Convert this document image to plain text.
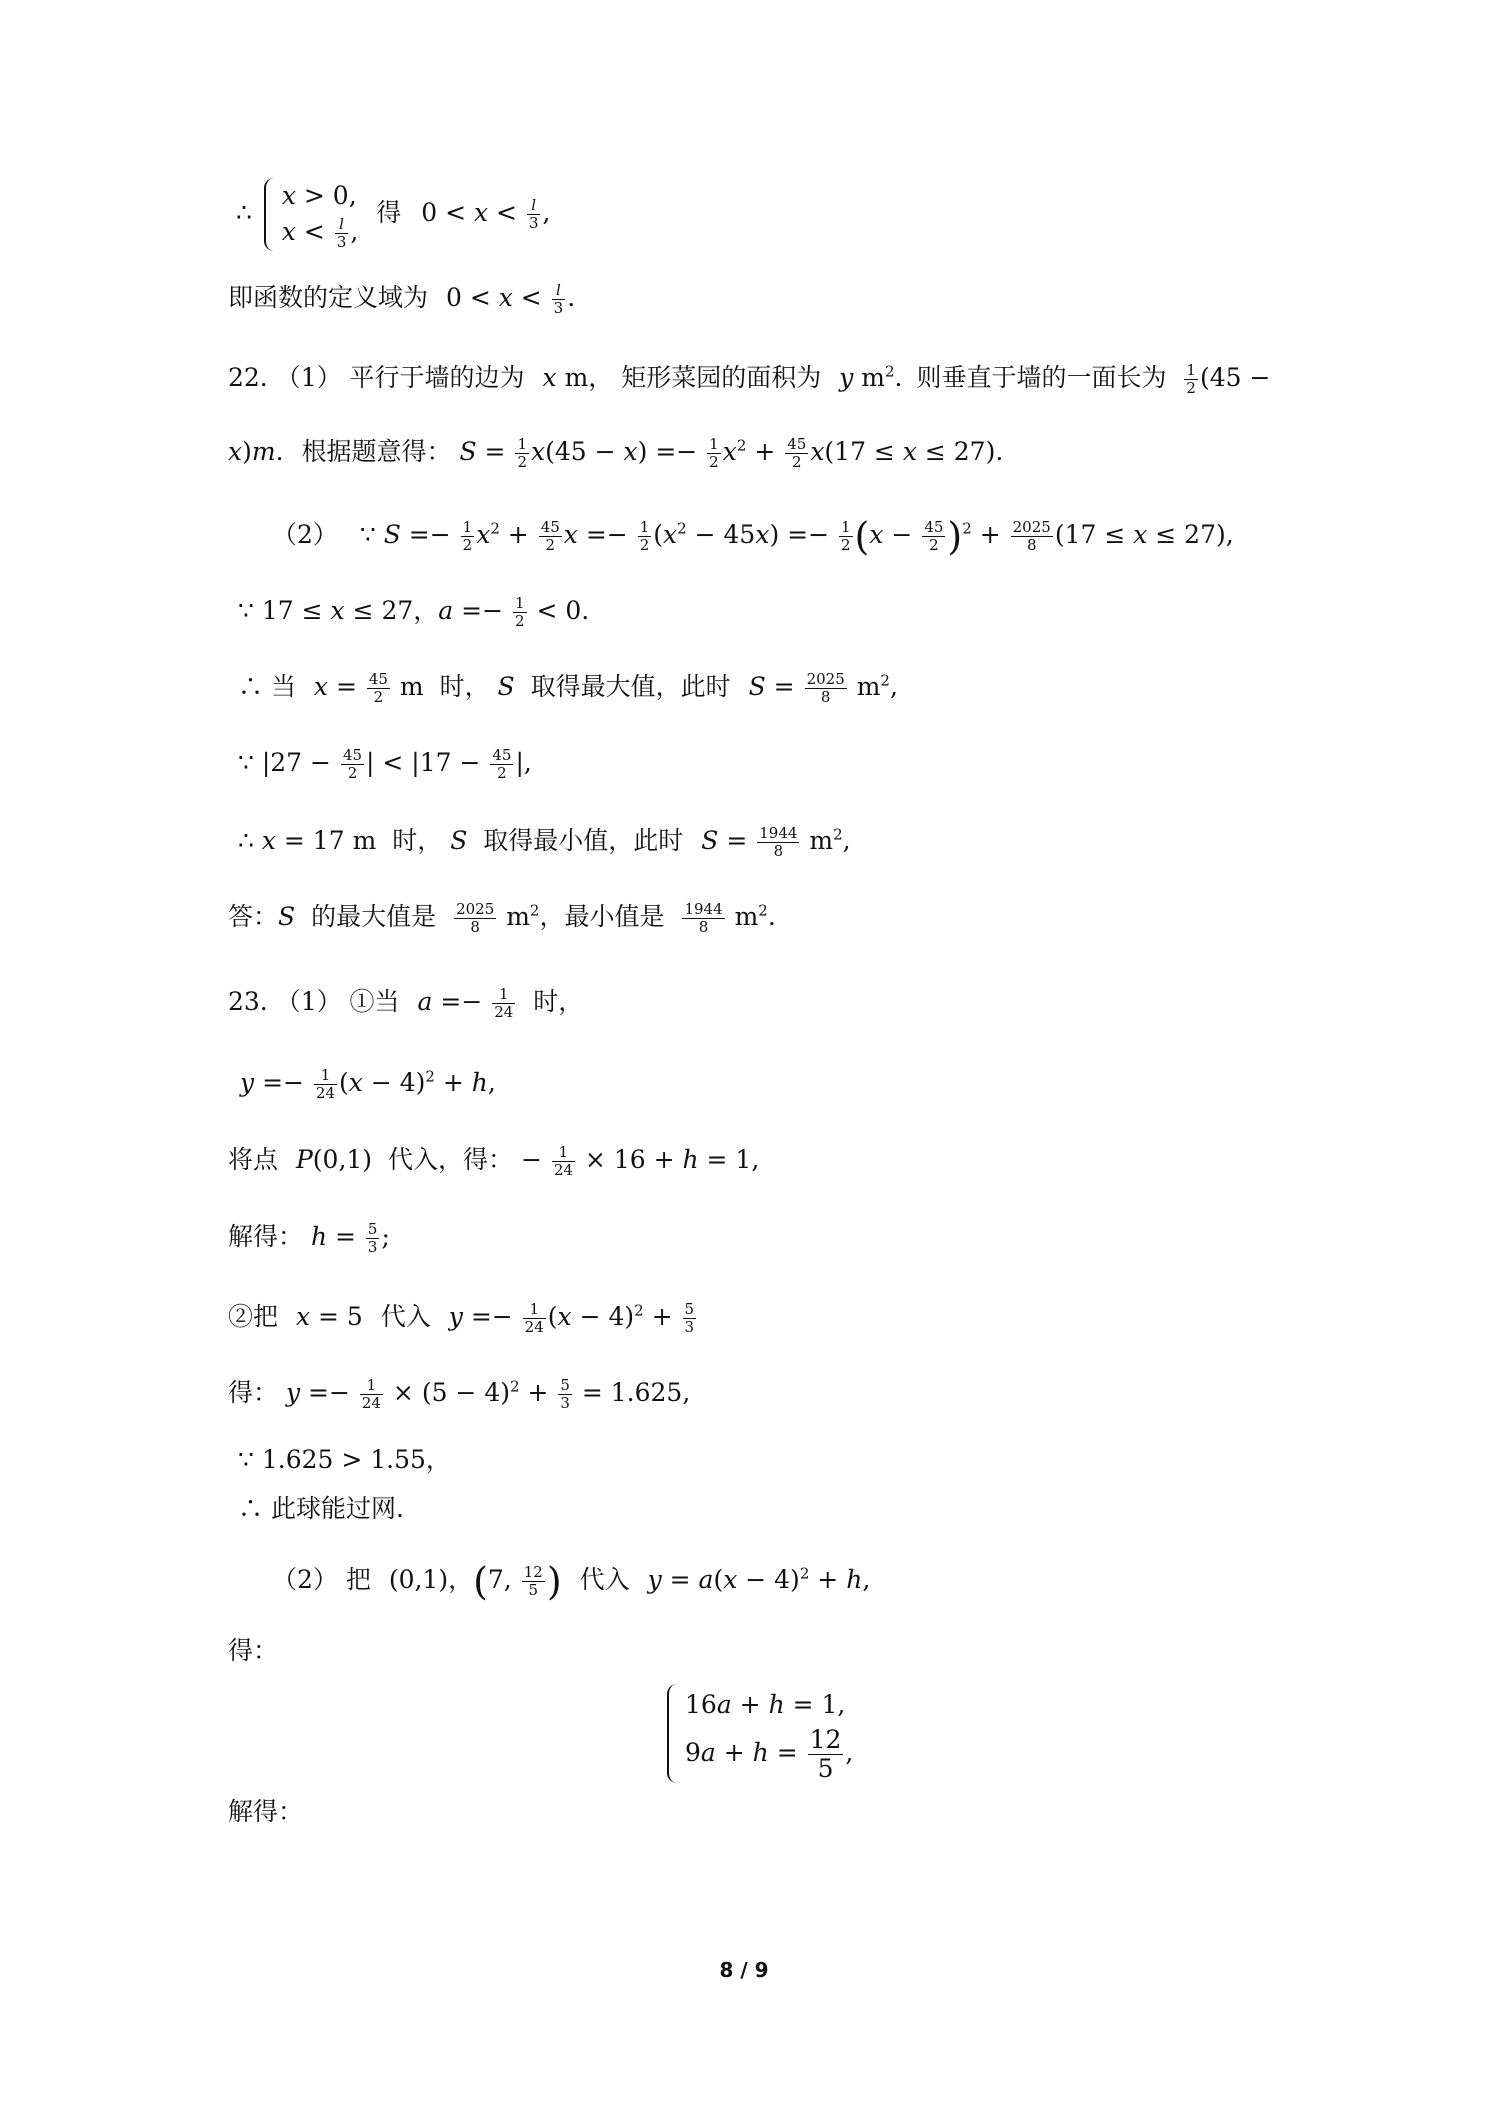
∴
x > 0,
$x < \frac{l}{3}$ ,
得 $0 < x < \frac{l}{3}$ ,
即函数的定义域为 $0 < x < \frac{l}{3}$ .
22. （1） 平行于墙的边为 x m， 矩形菜园的面积为 y $m^2$. 则垂直于墙的一面长为 $\frac{1}{2} (45$ −
x)m. 根据题意得： $S = \frac{1}{2} x(45 - x) =- \frac{1}{2} x^2 + \frac{45}{2} x(17 \le x \le 27)$.
（2） ∵ $S =- \frac{1}{2} x^2 + \frac{45}{2}$ $x =- \frac{1}{2} (x^2 - 45x) =- \frac{1}{2} (x - \frac{45}{2} )^2 + \frac{2025}{8} (17 \le x \le 27)$,
∵ 17 ≤ x ≤ 27，$a =- \frac{1}{2} < 0$.
∴ 当 $x = \frac{45}{2}$ m 时， S 取得最大值，此时 $S = \frac{2025}{8} m^2$,
∵ $|27 - \frac{45}{2}$ | < $|17 - \frac{45}{2}$ |,
∴ x = 17 m 时， S 取得最小值，此时 $S = \frac{1944}{8} m^2$,
答：S 的最大值是 $\frac{2025}{8} m^2$，最小值是 $\frac{1944}{8} m^2$.
23. （1） ①当 $a =- \frac{1}{24}$ 时，
$y =- \frac{1}{24} (x - 4)^2 + h$,
将点 P(0,1) 代入，得： − $\frac{1}{24} \times 16 + h = 1$,
解得： $h = \frac{5}{3}$ ;
②把 x = 5 代入 $y =- \frac{1}{24} (x - 4)^2 + \frac{5}{3}$
得： $y =- \frac{1}{24} \times (5 - 4)^2 + \frac{5}{3} = 1.625$,
∵ 1.625 > 1.55，
∴ 此球能过网.
（2） 把 (0,1)，(7, $\frac{12}{5}$ ) 代入 $y = a(x - 4)^2 + h$,
得：
16a + h = 1,
$9a + h = \frac{12}{5}$ ,
解得：
8 / 9
